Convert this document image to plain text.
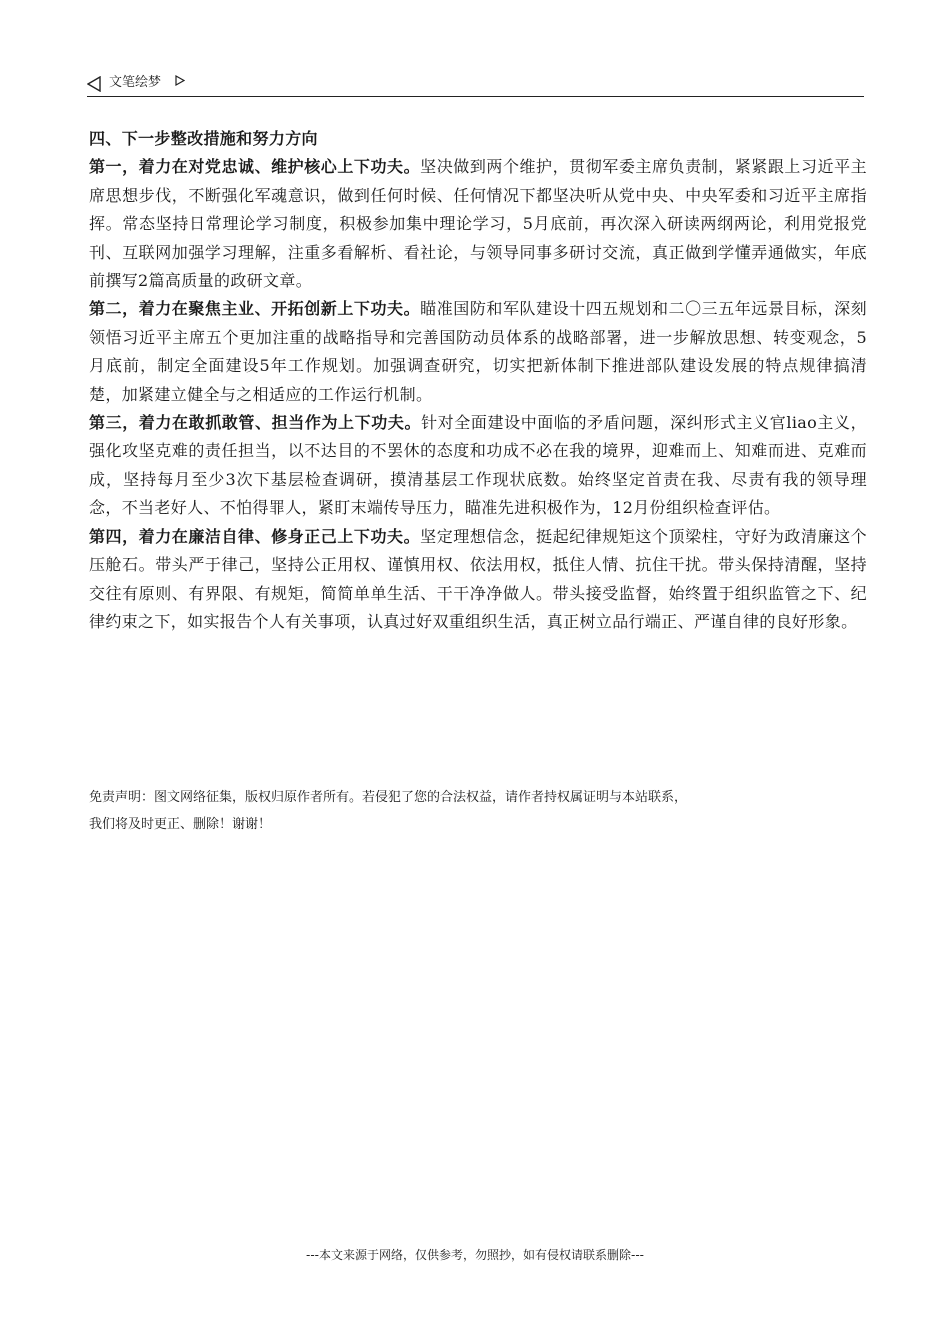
文笔绘梦

四、下一步整改措施和努力方向

第一，着力在对党忠诚、维护核心上下功夫。坚决做到两个维护，贯彻军委主席负责制，紧紧跟上习近平主席思想步伐，不断强化军魂意识，做到任何时候、任何情况下都坚决听从党中央、中央军委和习近平主席指挥。常态坚持日常理论学习制度，积极参加集中理论学习，5月底前，再次深入研读两纲两论，利用党报党刊、互联网加强学习理解，注重多看解析、看社论，与领导同事多研讨交流，真正做到学懂弄通做实，年底前撰写2篇高质量的政研文章。

第二，着力在聚焦主业、开拓创新上下功夫。瞄准国防和军队建设十四五规划和二〇三五年远景目标，深刻领悟习近平主席五个更加注重的战略指导和完善国防动员体系的战略部署，进一步解放思想、转变观念，5月底前，制定全面建设5年工作规划。加强调查研究，切实把新体制下推进部队建设发展的特点规律搞清楚，加紧建立健全与之相适应的工作运行机制。

第三，着力在敢抓敢管、担当作为上下功夫。针对全面建设中面临的矛盾问题，深纠形式主义官liao主义，强化攻坚克难的责任担当，以不达目的不罢休的态度和功成不必在我的境界，迎难而上、知难而进、克难而成，坚持每月至少3次下基层检查调研，摸清基层工作现状底数。始终坚定首责在我、尽责有我的领导理念，不当老好人、不怕得罪人，紧盯末端传导压力，瞄准先进积极作为，12月份组织检查评估。

第四，着力在廉洁自律、修身正己上下功夫。坚定理想信念，挺起纪律规矩这个顶梁柱，守好为政清廉这个压舱石。带头严于律己，坚持公正用权、谨慎用权、依法用权，抵住人情、抗住干扰。带头保持清醒，坚持交往有原则、有界限、有规矩，简简单单生活、干干净净做人。带头接受监督，始终置于组织监管之下、纪律约束之下，如实报告个人有关事项，认真过好双重组织生活，真正树立品行端正、严谨自律的良好形象。

免责声明：图文网络征集，版权归原作者所有。若侵犯了您的合法权益，请作者持权属证明与本站联系，

我们将及时更正、删除！谢谢！

---本文来源于网络，仅供参考，勿照抄，如有侵权请联系删除---
